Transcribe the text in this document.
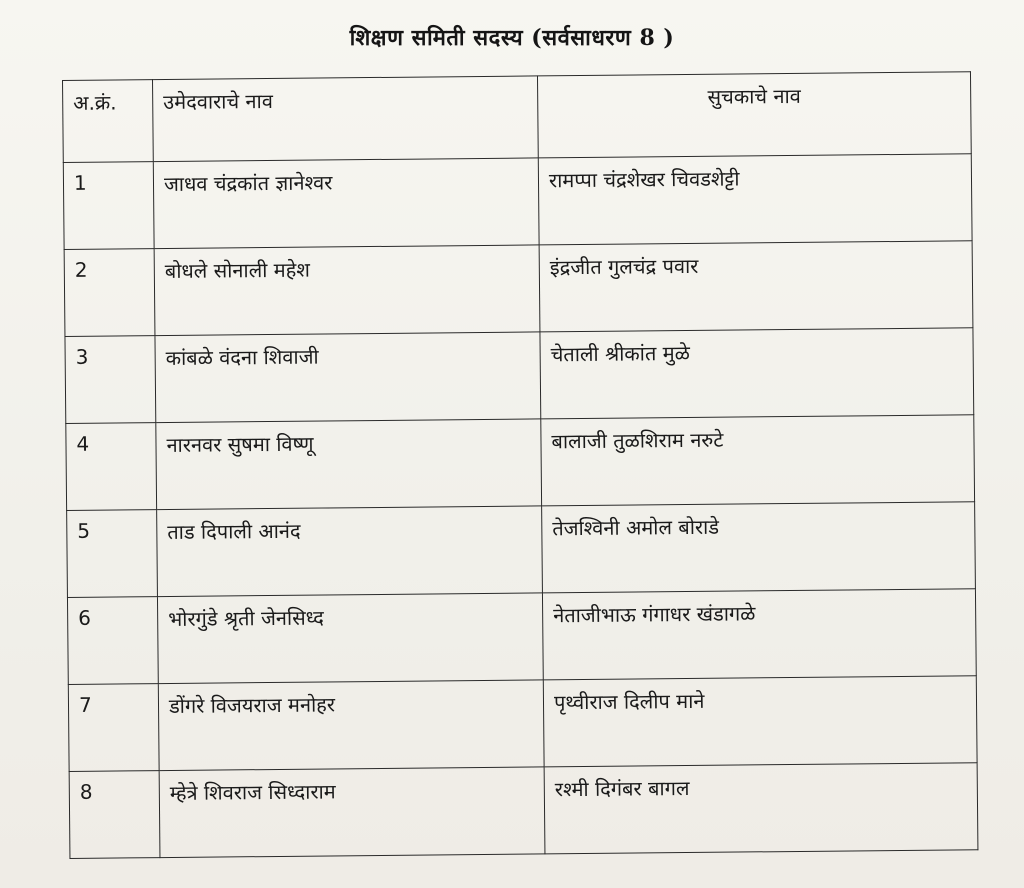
शिक्षण समिती सदस्य (सर्वसाधरण 8 )
अ.क्रं.	उमेदवाराचे नाव	सुचकाचे नाव
1	जाधव चंद्रकांत ज्ञानेश्वर	रामप्पा चंद्रशेखर चिवडशेट्टी
2	बोधले सोनाली महेश	इंद्रजीत गुलचंद्र पवार
3	कांबळे वंदना शिवाजी	चेताली श्रीकांत मुळे
4	नारनवर सुषमा विष्णू	बालाजी तुळशिराम नरुटे
5	ताड दिपाली आनंद	तेजश्विनी अमोल बोराडे
6	भोरगुंडे श्रृती जेनसिध्द	नेताजीभाऊ गंगाधर खंडागळे
7	डोंगरे विजयराज मनोहर	पृथ्वीराज दिलीप माने
8	म्हेत्रे शिवराज सिध्दाराम	रश्मी दिगंबर बागल
